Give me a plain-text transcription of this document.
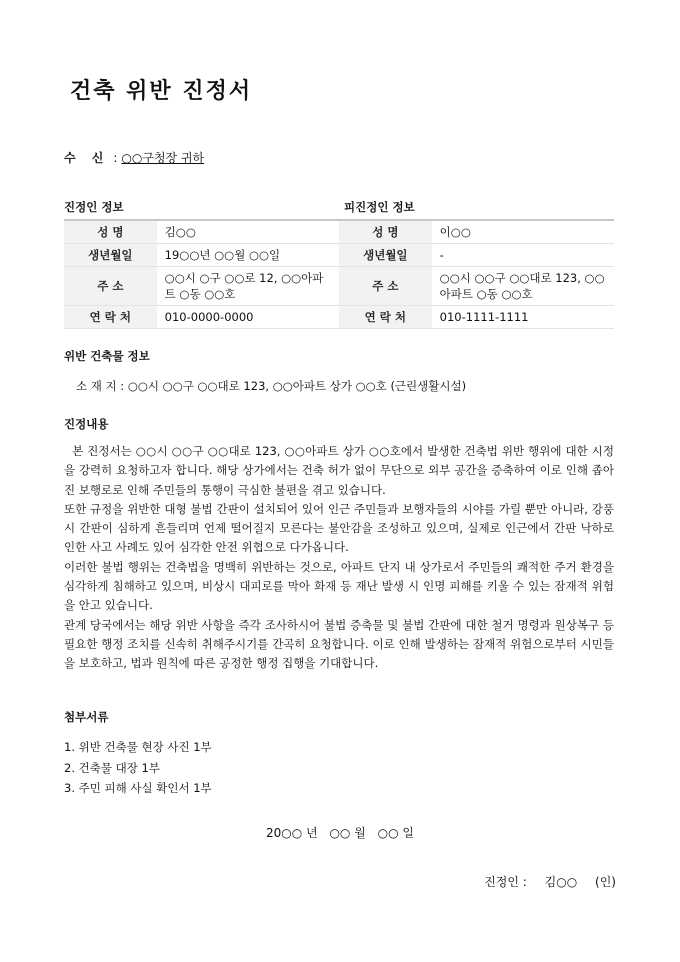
건축 위반 진정서
수 신 : ○○구청장 귀하
진정인 정보	피진정인 정보
성 명	김○○	성 명	이○○
생년월일	19○○년 ○○월 ○○일	생년월일	-
주 소	○○시 ○구 ○○로 12, ○○아파트 ○동 ○○호	주 소	○○시 ○○구 ○○대로 123, ○○아파트 ○동 ○○호
연 락 처	010-0000-0000	연 락 처	010-1111-1111
위반 건축물 정보
소 재 지 : ○○시 ○○구 ○○대로 123, ○○아파트 상가 ○○호 (근린생활시설)
진정내용

본 진정서는 ○○시 ○○구 ○○대로 123, ○○아파트 상가 ○○호에서 발생한 건축법 위반 행위에 대한 시정을 강력히 요청하고자 합니다. 해당 상가에서는 건축 허가 없이 무단으로 외부 공간을 증축하여 이로 인해 좁아진 보행로로 인해 주민들의 통행이 극심한 불편을 겪고 있습니다.

또한 규정을 위반한 대형 불법 간판이 설치되어 있어 인근 주민들과 보행자들의 시야를 가릴 뿐만 아니라, 강풍 시 간판이 심하게 흔들리며 언제 떨어질지 모른다는 불안감을 조성하고 있으며, 실제로 인근에서 간판 낙하로 인한 사고 사례도 있어 심각한 안전 위협으로 다가옵니다.

이러한 불법 행위는 건축법을 명백히 위반하는 것으로, 아파트 단지 내 상가로서 주민들의 쾌적한 주거 환경을 심각하게 침해하고 있으며, 비상시 대피로를 막아 화재 등 재난 발생 시 인명 피해를 키울 수 있는 잠재적 위험을 안고 있습니다.

관계 당국에서는 해당 위반 사항을 즉각 조사하시어 불법 증축물 및 불법 간판에 대한 철거 명령과 원상복구 등 필요한 행정 조치를 신속히 취해주시기를 간곡히 요청합니다. 이로 인해 발생하는 잠재적 위험으로부터 시민들을 보호하고, 법과 원칙에 따른 공정한 행정 집행을 기대합니다.

첨부서류
1. 위반 건축물 현장 사진 1부
2. 건축물 대장 1부
3. 주민 피해 사실 확인서 1부
20○○ 년 ○○ 월 ○○ 일
진정인 : 김○○ (인)
